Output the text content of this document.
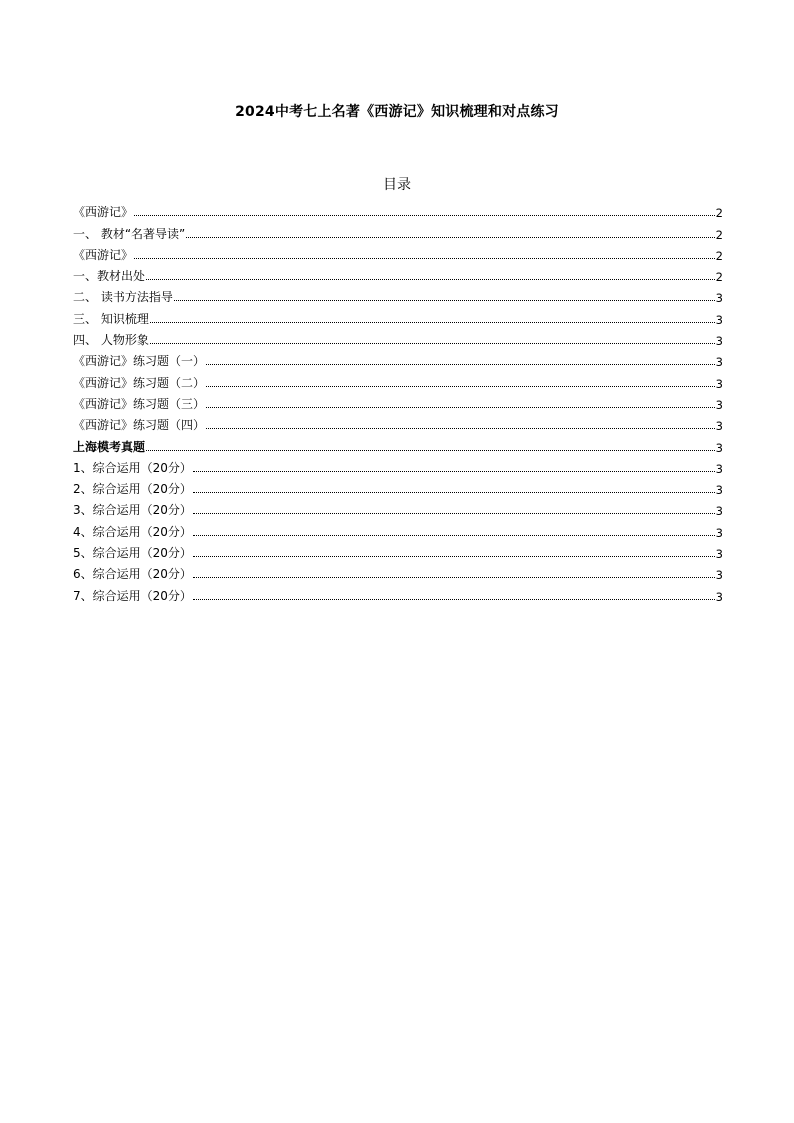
2024中考七上名著《西游记》知识梳理和对点练习
目录
《西游记》	2
一、 教材“名著导读”	2
《西游记》	2
一、教材出处	2
二、 读书方法指导	3
三、 知识梳理	3
四、 人物形象	3
《西游记》练习题（一）	3
《西游记》练习题（二）	3
《西游记》练习题（三）	3
《西游记》练习题（四）	3
上海模考真题	3
1、综合运用（20分）	3
2、综合运用（20分）	3
3、综合运用（20分）	3
4、综合运用（20分）	3
5、综合运用（20分）	3
6、综合运用（20分）	3
7、综合运用（20分）	3
